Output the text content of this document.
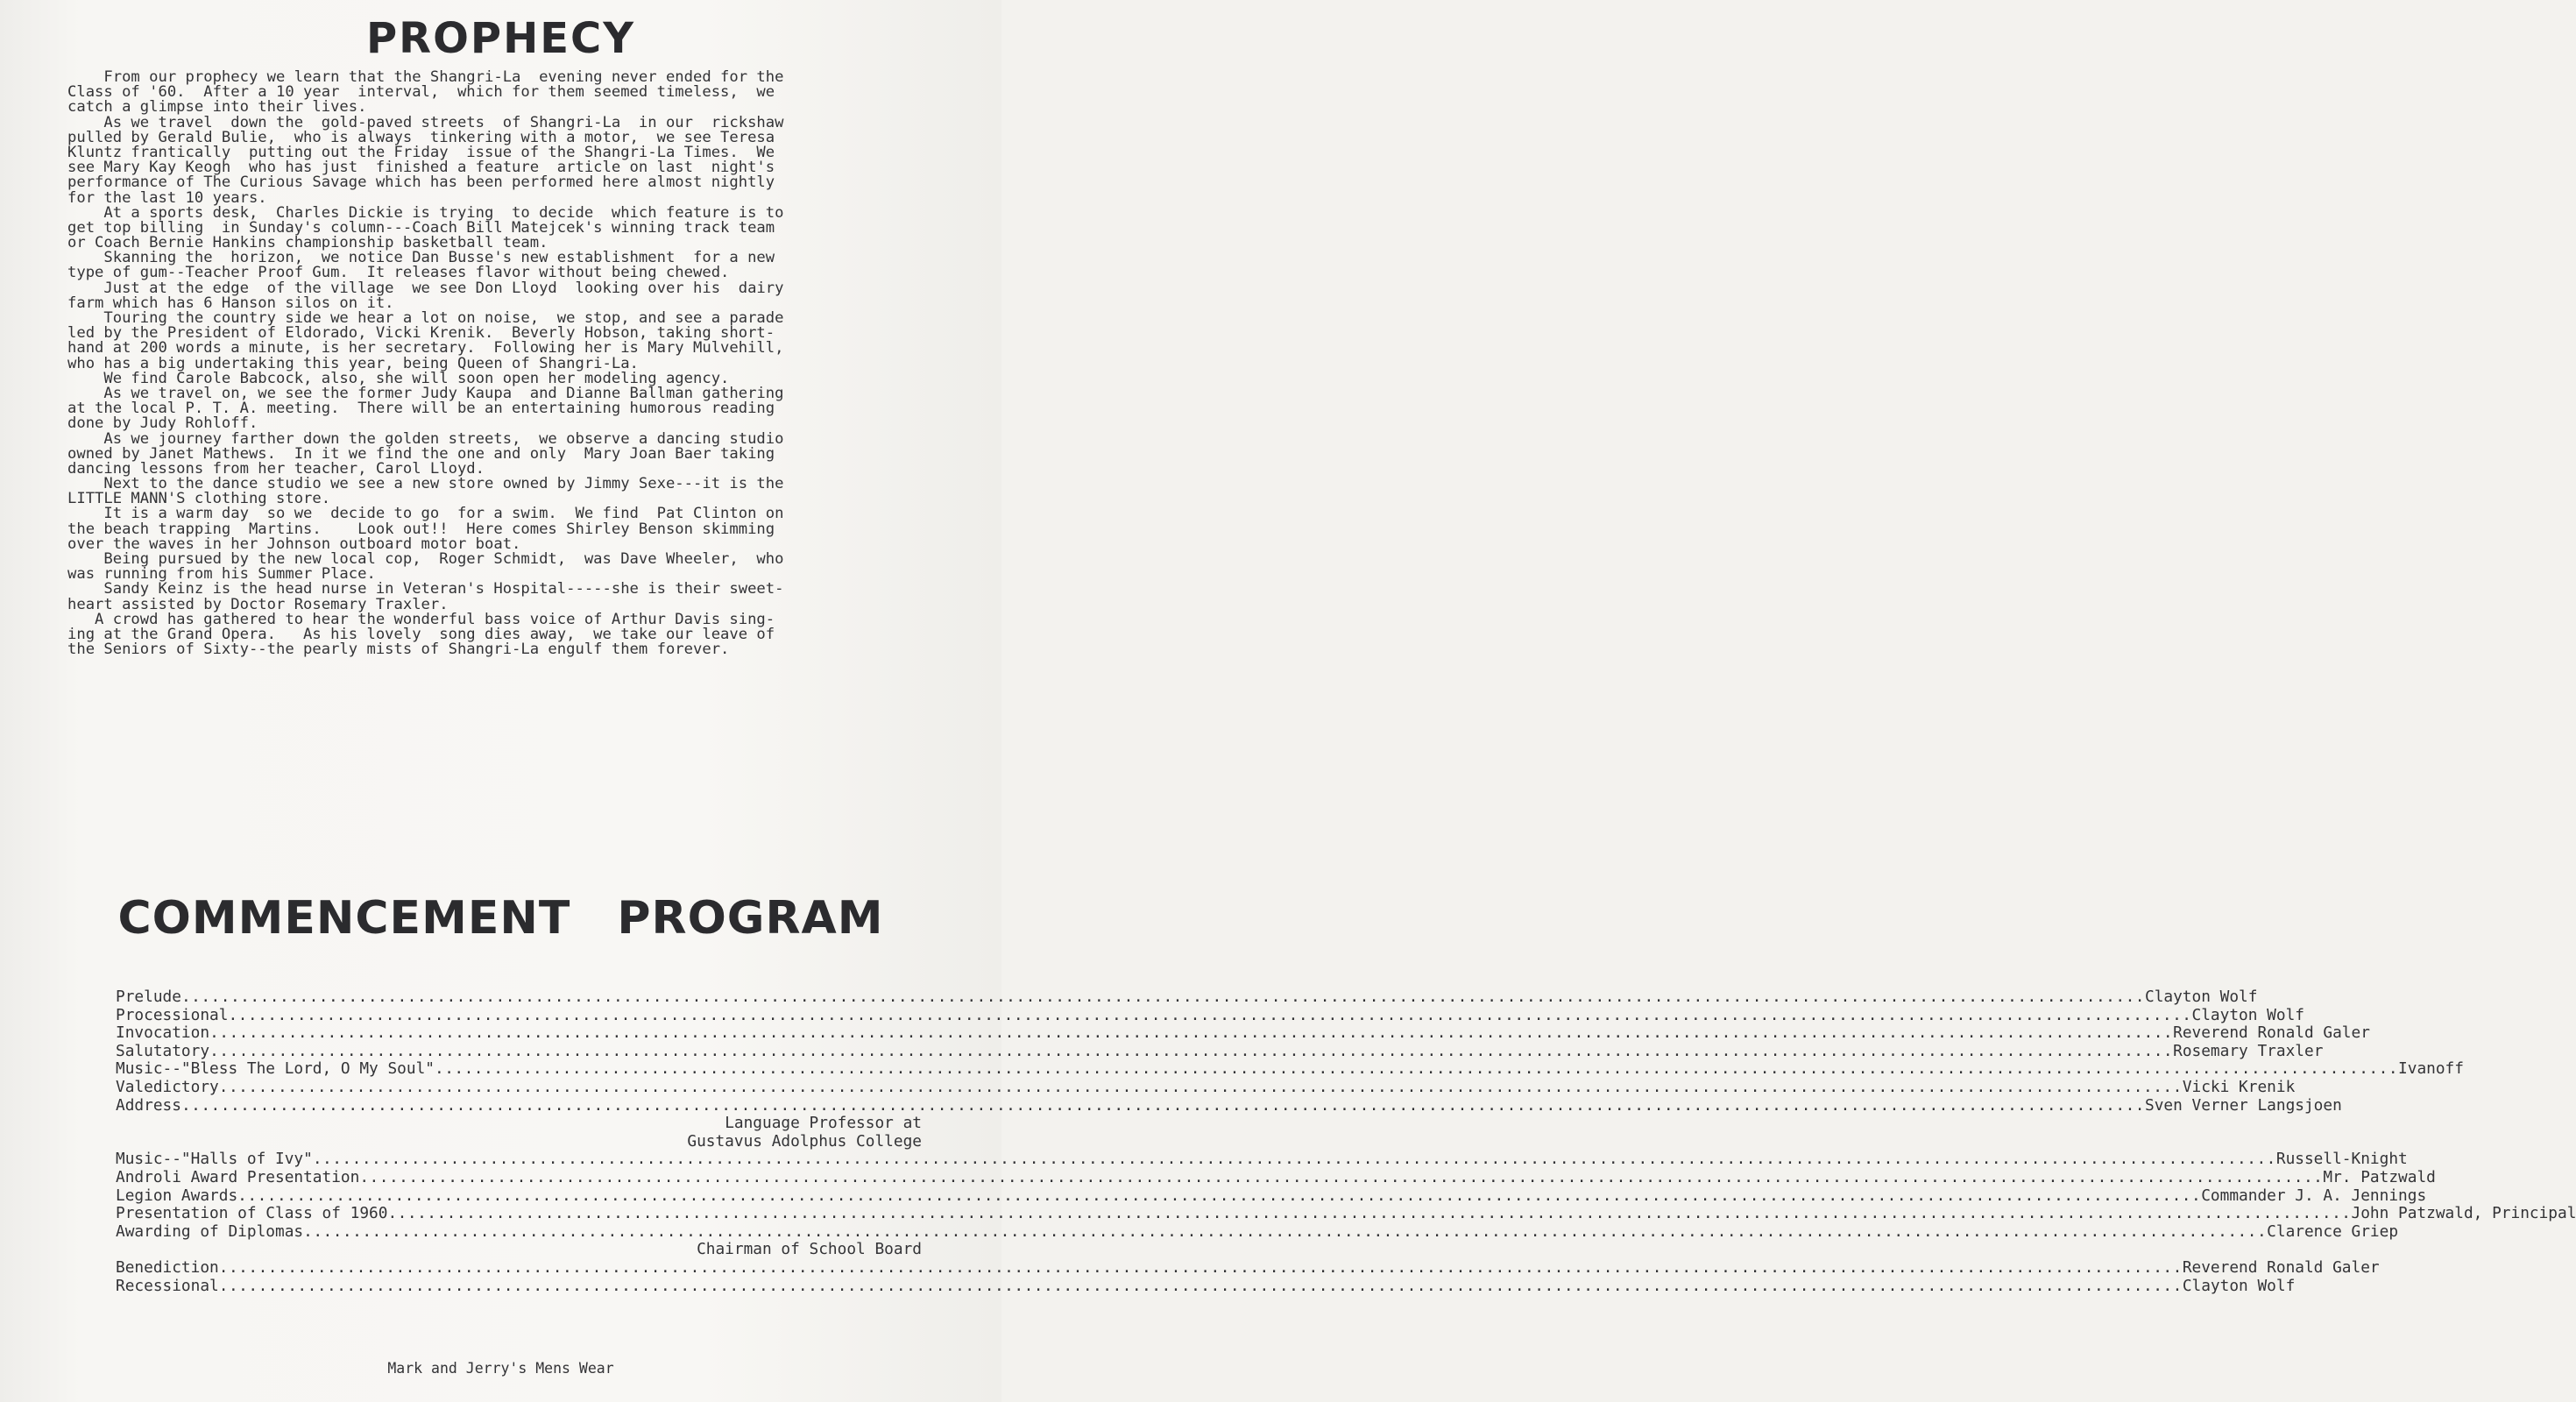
PROPHECY
From our prophecy we learn that the Shangri-La  evening never ended for the
Class of '60.  After a 10 year  interval,  which for them seemed timeless,  we
catch a glimpse into their lives.
As we travel  down the  gold-paved streets  of Shangri-La  in our  rickshaw
pulled by Gerald Bulie,  who is always  tinkering with a motor,  we see Teresa
Kluntz frantically  putting out the Friday  issue of the Shangri-La Times.  We
see Mary Kay Keogh  who has just  finished a feature  article on last  night's
performance of The Curious Savage which has been performed here almost nightly
for the last 10 years.
At a sports desk,  Charles Dickie is trying  to decide  which feature is to
get top billing  in Sunday's column---Coach Bill Matejcek's winning track team
or Coach Bernie Hankins championship basketball team.
Skanning the  horizon,  we notice Dan Busse's new establishment  for a new
type of gum--Teacher Proof Gum.  It releases flavor without being chewed.
Just at the edge  of the village  we see Don Lloyd  looking over his  dairy
farm which has 6 Hanson silos on it.
Touring the country side we hear a lot on noise,  we stop, and see a parade
led by the President of Eldorado, Vicki Krenik.  Beverly Hobson, taking short-
hand at 200 words a minute, is her secretary.  Following her is Mary Mulvehill,
who has a big undertaking this year, being Queen of Shangri-La.
We find Carole Babcock, also, she will soon open her modeling agency.
As we travel on, we see the former Judy Kaupa  and Dianne Ballman gathering
at the local P. T. A. meeting.  There will be an entertaining humorous reading
done by Judy Rohloff.
As we journey farther down the golden streets,  we observe a dancing studio
owned by Janet Mathews.  In it we find the one and only  Mary Joan Baer taking
dancing lessons from her teacher, Carol Lloyd.
Next to the dance studio we see a new store owned by Jimmy Sexe---it is the
LITTLE MANN'S clothing store.
It is a warm day  so we  decide to go  for a swim.  We find  Pat Clinton on
the beach trapping  Martins.    Look out!!  Here comes Shirley Benson skimming
over the waves in her Johnson outboard motor boat.
Being pursued by the new local cop,  Roger Schmidt,  was Dave Wheeler,  who
was running from his Summer Place.
Sandy Keinz is the head nurse in Veteran's Hospital-----she is their sweet-
heart assisted by Doctor Rosemary Traxler.
A crowd has gathered to hear the wonderful bass voice of Arthur Davis sing-
ing at the Grand Opera.   As his lovely  song dies away,  we take our leave of
the Seniors of Sixty--the pearly mists of Shangri-La engulf them forever.
COMMENCEMENT PROGRAM
Prelude ........................................................................................................................................................................................................ Clayton Wolf
Processional ........................................................................................................................................................................................................ Clayton Wolf
Invocation ........................................................................................................................................................................................................ Reverend Ronald Galer
Salutatory ........................................................................................................................................................................................................ Rosemary Traxler
Music--"Bless The Lord, O My Soul" ........................................................................................................................................................................................................ Ivanoff
Valedictory ........................................................................................................................................................................................................ Vicki Krenik
Address ........................................................................................................................................................................................................ Sven Verner Langsjoen
Language Professor at
Gustavus Adolphus College
Music--"Halls of Ivy" ........................................................................................................................................................................................................ Russell-Knight
Androli Award Presentation ........................................................................................................................................................................................................ Mr. Patzwald
Legion Awards ........................................................................................................................................................................................................ Commander J. A. Jennings
Presentation of Class of 1960 ........................................................................................................................................................................................................ John Patzwald, Principal
Awarding of Diplomas ........................................................................................................................................................................................................ Clarence Griep
Chairman of School Board
Benediction ........................................................................................................................................................................................................ Reverend Ronald Galer
Recessional ........................................................................................................................................................................................................ Clayton Wolf
Mark and Jerry's Mens Wear
